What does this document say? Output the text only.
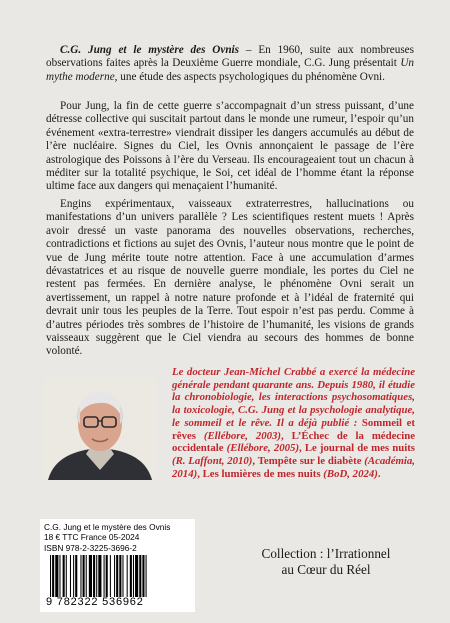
C.G. Jung et le mystère des Ovnis – En 1960, suite aux nombreuses observations faites après la Deuxième Guerre mondiale, C.G. Jung présentait Un mythe moderne, une étude des aspects psychologiques du phénomène Ovni.

Pour Jung, la fin de cette guerre s’accompagnait d’un stress puissant, d’une détresse collective qui suscitait partout dans le monde une rumeur, l’espoir qu’un événement «extra-terrestre» viendrait dissiper les dangers accumulés au début de l’ère nucléaire. Signes du Ciel, les Ovnis annonçaient le passage de l’ère astrologique des Poissons à l’ère du Verseau. Ils encourageaient tout un chacun à méditer sur la totalité psychique, le Soi, cet idéal de l’homme étant la réponse ultime face aux dangers qui menaçaient l’humanité.

Engins expérimentaux, vaisseaux extraterrestres, hallucinations ou manifestations d’un univers parallèle ? Les scientifiques restent muets ! Après avoir dressé un vaste panorama des nouvelles observations, recherches, contradictions et fictions au sujet des Ovnis, l’auteur nous montre que le point de vue de Jung mérite toute notre attention. Face à une accumulation d’armes dévastatrices et au risque de nouvelle guerre mondiale, les portes du Ciel ne restent pas fermées. En dernière analyse, le phénomène Ovni serait un avertissement, un rappel à notre nature profonde et à l’idéal de fraternité qui devrait unir tous les peuples de la Terre. Tout espoir n’est pas perdu. Comme à d’autres périodes très sombres de l’histoire de l’humanité, les visions de grands vaisseaux suggèrent que le Ciel viendra au secours des hommes de bonne volonté.

Le docteur Jean-Michel Crabbé a exercé la médecine générale pendant quarante ans. Depuis 1980, il étudie la chronobiologie, les interactions psychosomatiques, la toxicologie, C.G. Jung et la psychologie analytique, le sommeil et le rêve. Il a déjà publié : Sommeil et rêves (Ellébore, 2003), L’Échec de la médecine occidentale (Ellébore, 2005), Le journal de mes nuits (R. Laffont, 2010), Tempête sur le diabète (Académia, 2014), Les lumières de mes nuits (BoD, 2024).

C.G. Jung et le mystère des Ovnis
18 € TTC France 05-2024
ISBN 978-2-3225-3696-2
9 782322 536962
Collection : l’Irrationnel
au Cœur du Réel
